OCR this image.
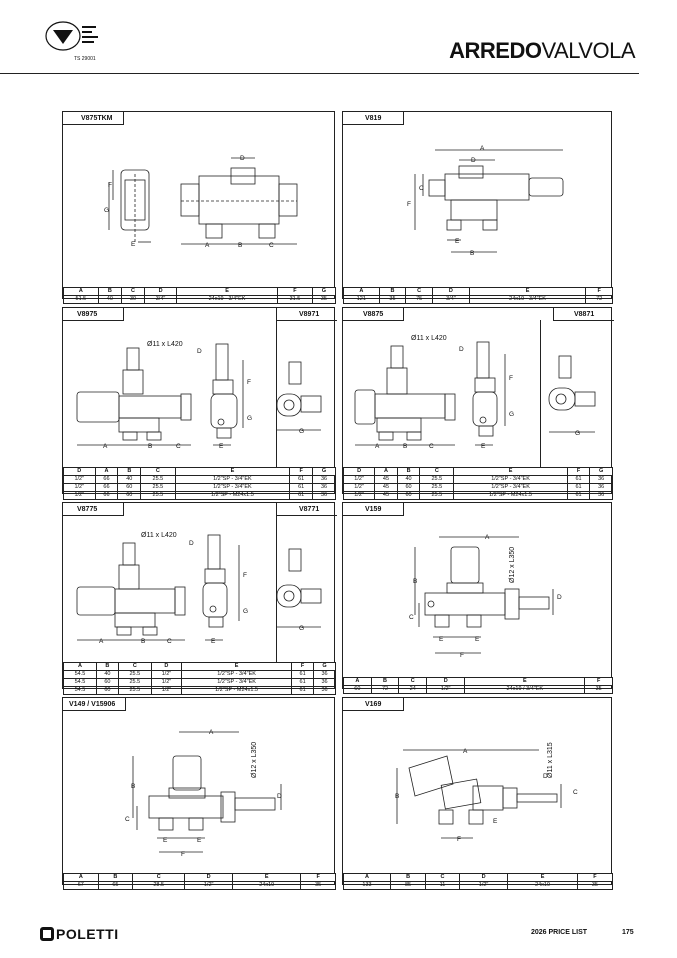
TS 29001	ARREDOVALVOLA
V875TKM
D
A	B	C
E
F
G
A	B	C	D	E	F	G
51.5	40	30	3/4"	24x19 - 3/4"EK	31.5	35
V819
A
D
C
F
E
B
A	B	C	D	E	F
121	35	75	3/4"	24x19 - 3/4"EK	72
V8975	V8971
Ø11 x L420
A	B	C	E
D
F
G
G
D	A	B	C	E	F	G
1/2"	66	40	25.5	1/2"SP - 3/4"EK	61	36
1/2"	66	60	25.5	1/2"SP - 3/4"EK	61	36
1/2"	66	60	25.5	1/2"SP - M24x1.5	61	36
V8875	V8871
Ø11 x L420
A	B	C	E
D
F
G
G
D	A	B	C	E	F	G
1/2"	45	40	25.5	1/2"SP - 3/4"EK	61	36
1/2"	45	60	25.5	1/2"SP - 3/4"EK	61	36
1/2"	45	60	25.5	1/2"SP - M24x1.5	61	36
V8775	V8771
Ø11 x L420
A	B	C	E
D
F
G
G
A	B	C	D	E	F	G
54.5	40	25.5	1/2"	1/2"SP - 3/4"EK	61	36
54.5	60	25.5	1/2"	1/2"SP - 3/4"EK	61	36
54.5	60	25.5	1/2"	1/2"SP - M24x1.5	61	36
V159
A
B
C
E	E
F
D
Ø12 x L350
A	B	C	D	E	F
60	72	24	1/2"	24x19 / 3/4"EK	35
V149 / V15906
A
B
C
E	E
F
D
Ø12 x L350
A	B	C	D	E	F
67	65	28.5	1/2"	24x19	35
V169
A
B
F
E
C
D Ø11 x L315
A	B	C	D	E	F
133	85	11	1/2"	24x19	35
POLETTI	2026 PRICE LIST	175
